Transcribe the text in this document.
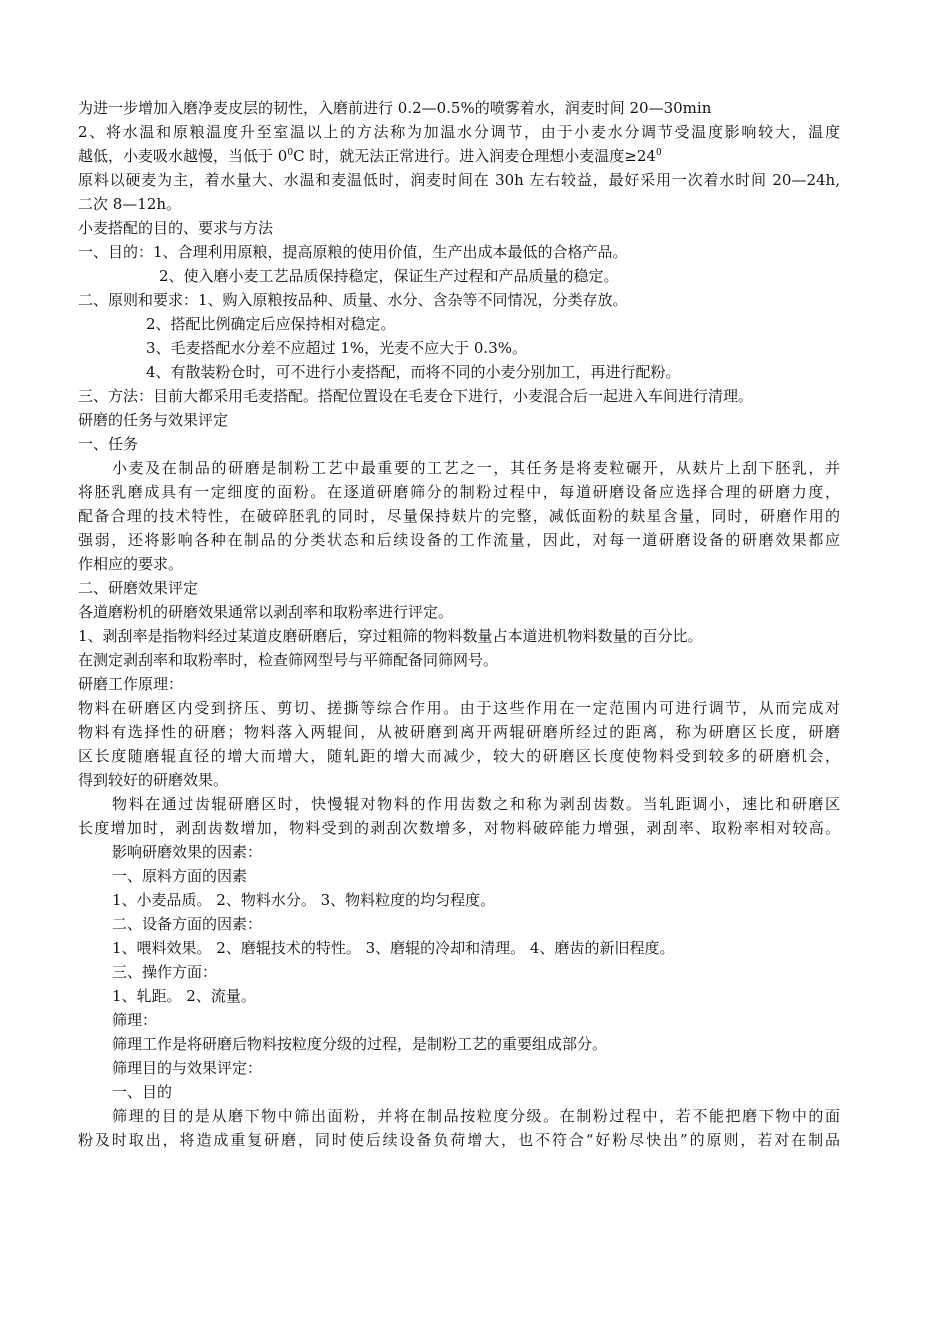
为进一步增加入磨净麦皮层的韧性，入磨前进行 0.2—0.5%的喷雾着水，润麦时间 20—30min
2、将水温和原粮温度升至室温以上的方法称为加温水分调节，由于小麦水分调节受温度影响较大，温度
越低，小麦吸水越慢，当低于 $0^0C$ 时，就无法正常进行。进入润麦仓理想小麦温度$\ge 24^0$
原料以硬麦为主，着水量大、水温和麦温低时，润麦时间在 30h 左右较益，最好采用一次着水时间 20—24h,
二次 8—12h。
小麦搭配的目的、要求与方法
一、目的：1、合理利用原粮，提高原粮的使用价值，生产出成本最低的合格产品。
2、使入磨小麦工艺品质保持稳定，保证生产过程和产品质量的稳定。
二、原则和要求：1、购入原粮按品种、质量、水分、含杂等不同情况，分类存放。
2、搭配比例确定后应保持相对稳定。
3、毛麦搭配水分差不应超过 1%，光麦不应大于 0.3%。
4、有散装粉仓时，可不进行小麦搭配，而将不同的小麦分别加工，再进行配粉。
三、方法：目前大都采用毛麦搭配。搭配位置设在毛麦仓下进行，小麦混合后一起进入车间进行清理。
研磨的任务与效果评定
一、任务
小麦及在制品的研磨是制粉工艺中最重要的工艺之一，其任务是将麦粒碾开，从麸片上刮下胚乳，并
将胚乳磨成具有一定细度的面粉。在逐道研磨筛分的制粉过程中，每道研磨设备应选择合理的研磨力度，
配备合理的技术特性，在破碎胚乳的同时，尽量保持麸片的完整，减低面粉的麸星含量，同时，研磨作用的
强弱，还将影响各种在制品的分类状态和后续设备的工作流量，因此，对每一道研磨设备的研磨效果都应
作相应的要求。
二、研磨效果评定
各道磨粉机的研磨效果通常以剥刮率和取粉率进行评定。
1、剥刮率是指物料经过某道皮磨研磨后，穿过粗筛的物料数量占本道进机物料数量的百分比。
在测定剥刮率和取粉率时，检查筛网型号与平筛配备同筛网号。
研磨工作原理：
物料在研磨区内受到挤压、剪切、搓撕等综合作用。由于这些作用在一定范围内可进行调节，从而完成对
物料有选择性的研磨；物料落入两辊间，从被研磨到离开两辊研磨所经过的距离，称为研磨区长度，研磨
区长度随磨辊直径的增大而增大，随轧距的增大而减少，较大的研磨区长度使物料受到较多的研磨机会，
得到较好的研磨效果。
物料在通过齿辊研磨区时，快慢辊对物料的作用齿数之和称为剥刮齿数。当轧距调小，速比和研磨区
长度增加时，剥刮齿数增加，物料受到的剥刮次数增多，对物料破碎能力增强，剥刮率、取粉率相对较高。
影响研磨效果的因素：
一、原料方面的因素
1、小麦品质。 2、物料水分。 3、物料粒度的均匀程度。
二、设备方面的因素：
1、喂料效果。 2、磨辊技术的特性。 3、磨辊的冷却和清理。 4、磨齿的新旧程度。
三、操作方面：
1、轧距。 2、流量。
筛理：
筛理工作是将研磨后物料按粒度分级的过程，是制粉工艺的重要组成部分。
筛理目的与效果评定：
一、目的
筛理的目的是从磨下物中筛出面粉，并将在制品按粒度分级。在制粉过程中，若不能把磨下物中的面
粉及时取出，将造成重复研磨，同时使后续设备负荷增大，也不符合“好粉尽快出”的原则，若对在制品
